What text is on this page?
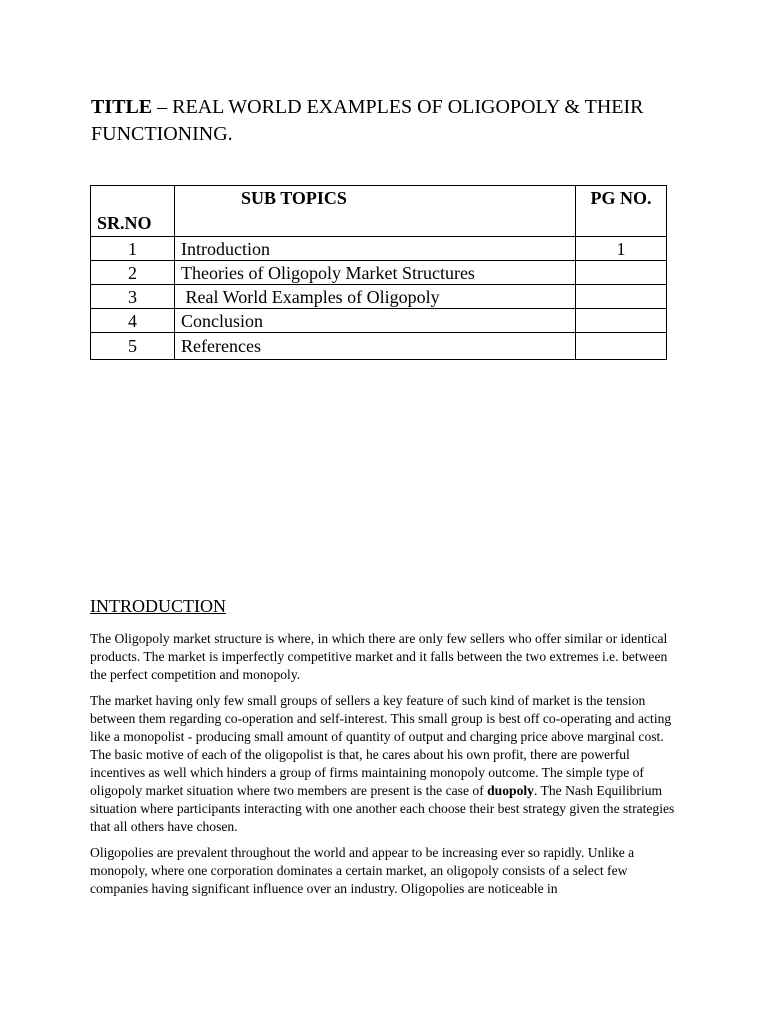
TITLE – REAL WORLD EXAMPLES OF OLIGOPOLY & THEIR FUNCTIONING.
SR.NO	SUB TOPICS	PG NO.
1	Introduction	1
2	Theories of Oligopoly Market Structures	
3	Real World Examples of Oligopoly	
4	Conclusion	
5	References	
INTRODUCTION

The Oligopoly market structure is where, in which there are only few sellers who offer similar or identical products. The market is imperfectly competitive market and it falls between the two extremes i.e. between the perfect competition and monopoly.

The market having only few small groups of sellers a key feature of such kind of market is the tension between them regarding co-operation and self-interest. This small group is best off co-operating and acting like a monopolist - producing small amount of quantity of output and charging price above marginal cost. The basic motive of each of the oligopolist is that, he cares about his own profit, there are powerful incentives as well which hinders a group of firms maintaining monopoly outcome. The simple type of oligopoly market situation where two members are present is the case of duopoly. The Nash Equilibrium situation where participants interacting with one another each choose their best strategy given the strategies that all others have chosen.

Oligopolies are prevalent throughout the world and appear to be increasing ever so rapidly. Unlike a monopoly, where one corporation dominates a certain market, an oligopoly consists of a select few companies having significant influence over an industry. Oligopolies are noticeable in
